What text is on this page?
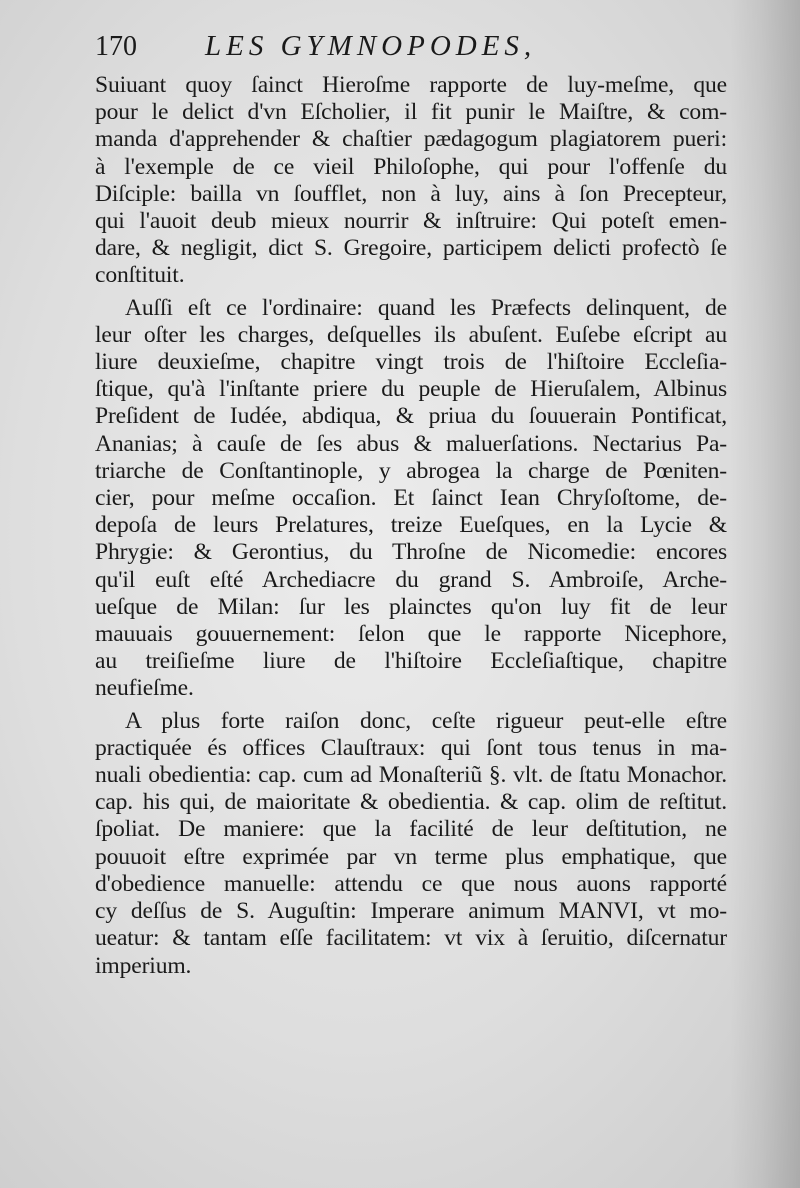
170	LES GYMNOPODES,
Suiuant quoy ſainct Hieroſme rapporte de luy-meſme, que
pour le delict d'vn Eſcholier, il fit punir le Maiſtre, & com-
manda d'apprehender & chaſtier pædagogum plagiatorem pueri:
à l'exemple de ce vieil Philoſophe, qui pour l'offenſe du
Diſciple: bailla vn ſoufflet, non à luy, ains à ſon Precepteur,
qui l'auoit deub mieux nourrir & inſtruire: Qui poteſt emen-
dare, & negligit, dict S. Gregoire, participem delicti profectò ſe
conſtituit.
Auſſi eſt ce l'ordinaire: quand les Præfects delinquent, de
leur oſter les charges, deſquelles ils abuſent. Euſebe eſcript au
liure deuxieſme, chapitre vingt trois de l'hiſtoire Eccleſia-
ſtique, qu'à l'inſtante priere du peuple de Hieruſalem, Albinus
Preſident de Iudée, abdiqua, & priua du ſouuerain Pontificat,
Ananias; à cauſe de ſes abus & maluerſations. Nectarius Pa-
triarche de Conſtantinople, y abrogea la charge de Pœniten-
cier, pour meſme occaſion. Et ſainct Iean Chryſoſtome, de-
depoſa de leurs Prelatures, treize Eueſques, en la Lycie &
Phrygie: & Gerontius, du Throſne de Nicomedie: encores
qu'il euſt eſté Archediacre du grand S. Ambroiſe, Arche-
ueſque de Milan: ſur les plainctes qu'on luy fit de leur
mauuais gouuernement: ſelon que le rapporte Nicephore,
au treiſieſme liure de l'hiſtoire Eccleſiaſtique, chapitre
neufieſme.
A plus forte raiſon donc, ceſte rigueur peut-elle eſtre
practiquée és offices Clauſtraux: qui ſont tous tenus in ma-
nuali obedientia: cap. cum ad Monaſteriũ §. vlt. de ſtatu Monachor.
cap. his qui, de maioritate & obedientia. & cap. olim de reſtitut.
ſpoliat. De maniere: que la facilité de leur deſtitution, ne
pouuoit eſtre exprimée par vn terme plus emphatique, que
d'obedience manuelle: attendu ce que nous auons rapporté
cy deſſus de S. Auguſtin: Imperare animum MANVI, vt mo-
ueatur: & tantam eſſe facilitatem: vt vix à ſeruitio, diſcernatur
imperium.
